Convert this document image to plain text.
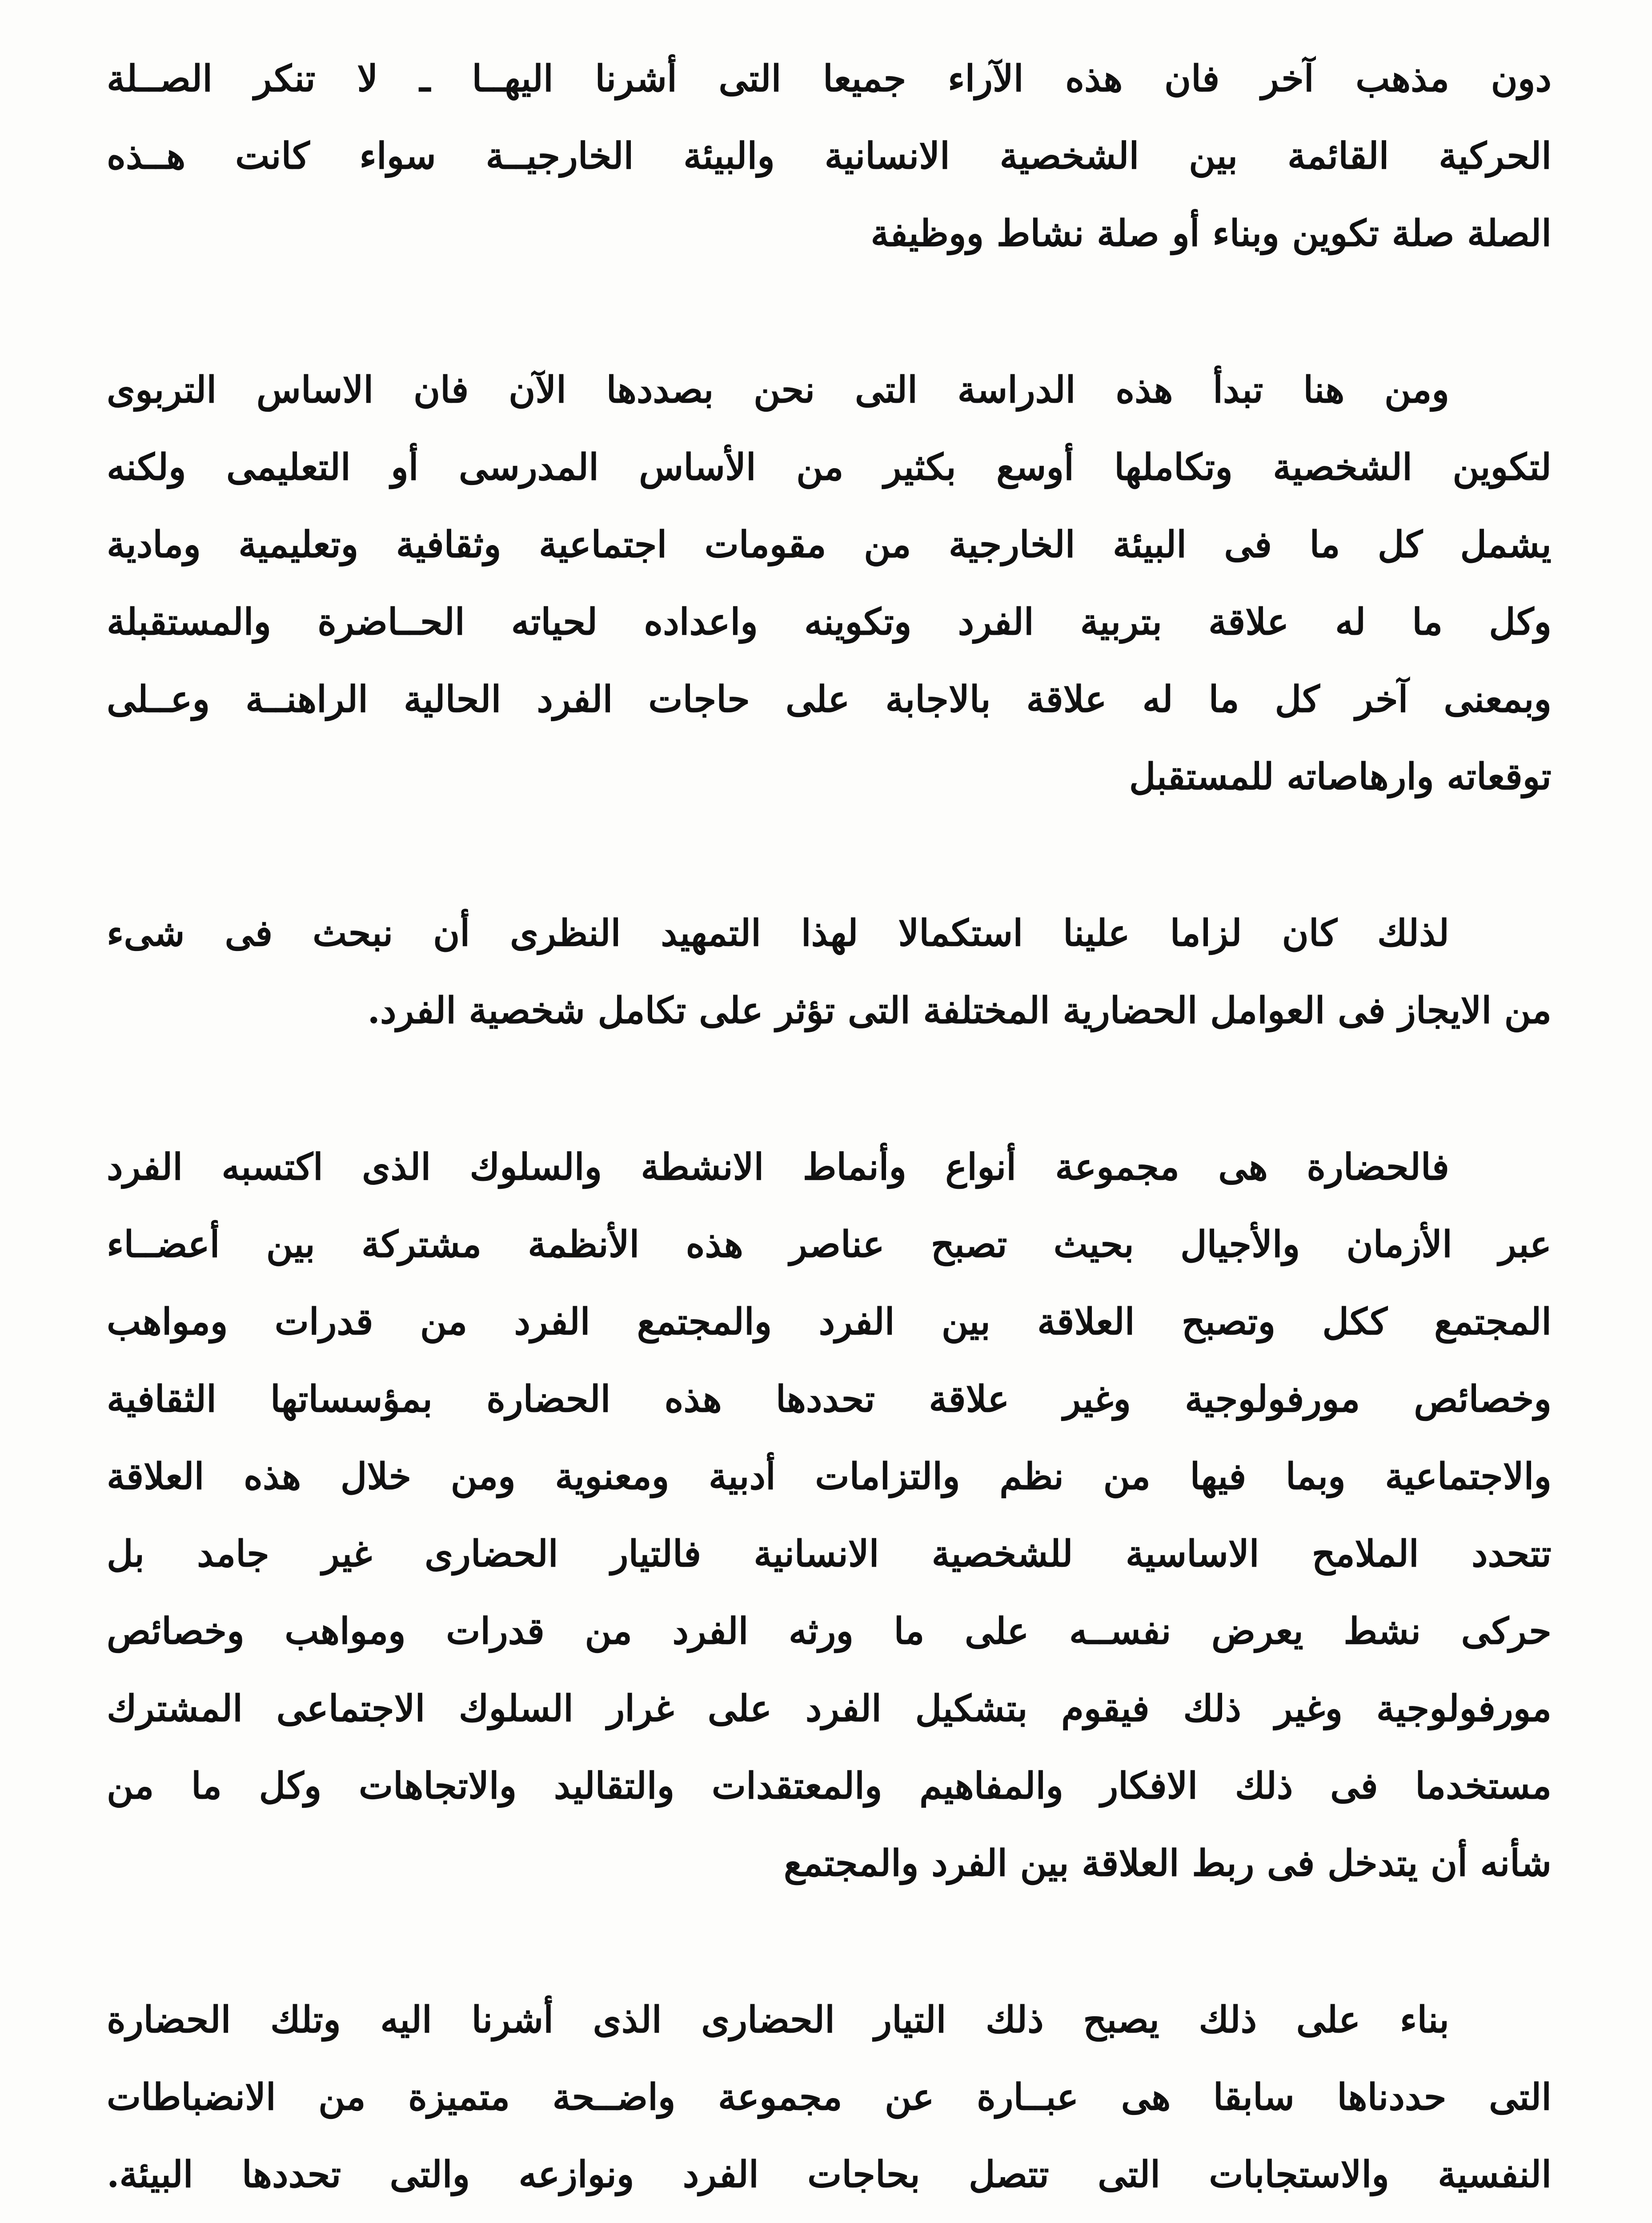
دون مذهب آخر فان هذه الآراء جميعا التى أشرنا اليهــا ـ لا تنكر الصــلة
الحركية القائمة بين الشخصية الانسانية والبيئة الخارجيــة سواء كانت هــذه
الصلة صلة تكوين وبناء أو صلة نشاط ووظيفة
ومن هنا تبدأ هذه الدراسة التى نحن بصددها الآن فان الاساس التربوى
لتكوين الشخصية وتكاملها أوسع بكثير من الأساس المدرسى أو التعليمى ولكنه
يشمل كل ما فى البيئة الخارجية من مقومات اجتماعية وثقافية وتعليمية ومادية
وكل ما له علاقة بتربية الفرد وتكوينه واعداده لحياته الحــاضرة والمستقبلة
وبمعنى آخر كل ما له علاقة بالاجابة على حاجات الفرد الحالية الراهنــة وعــلى
توقعاته وارهاصاته للمستقبل
لذلك كان لزاما علينا استكمالا لهذا التمهيد النظرى أن نبحث فى شىء
من الايجاز فى العوامل الحضارية المختلفة التى تؤثر على تكامل شخصية الفرد.
فالحضارة هى مجموعة أنواع وأنماط الانشطة والسلوك الذى اكتسبه الفرد
عبر الأزمان والأجيال بحيث تصبح عناصر هذه الأنظمة مشتركة بين أعضــاء
المجتمع ككل وتصبح العلاقة بين الفرد والمجتمع الفرد من قدرات ومواهب
وخصائص مورفولوجية وغير علاقة تحددها هذه الحضارة بمؤسساتها الثقافية
والاجتماعية وبما فيها من نظم والتزامات أدبية ومعنوية ومن خلال هذه العلاقة
تتحدد الملامح الاساسية للشخصية الانسانية فالتيار الحضارى غير جامد بل
حركى نشط يعرض نفســه على ما ورثه الفرد من قدرات ومواهب وخصائص
مورفولوجية وغير ذلك فيقوم بتشكيل الفرد على غرار السلوك الاجتماعى المشترك
مستخدما فى ذلك الافكار والمفاهيم والمعتقدات والتقاليد والاتجاهات وكل ما من
شأنه أن يتدخل فى ربط العلاقة بين الفرد والمجتمع
بناء على ذلك يصبح ذلك التيار الحضارى الذى أشرنا اليه وتلك الحضارة
التى حددناها سابقا هى عبــارة عن مجموعة واضــحة متميزة من الانضباطات
النفسية والاستجابات التى تتصل بحاجات الفرد ونوازعه والتى تحددها البيئة.
